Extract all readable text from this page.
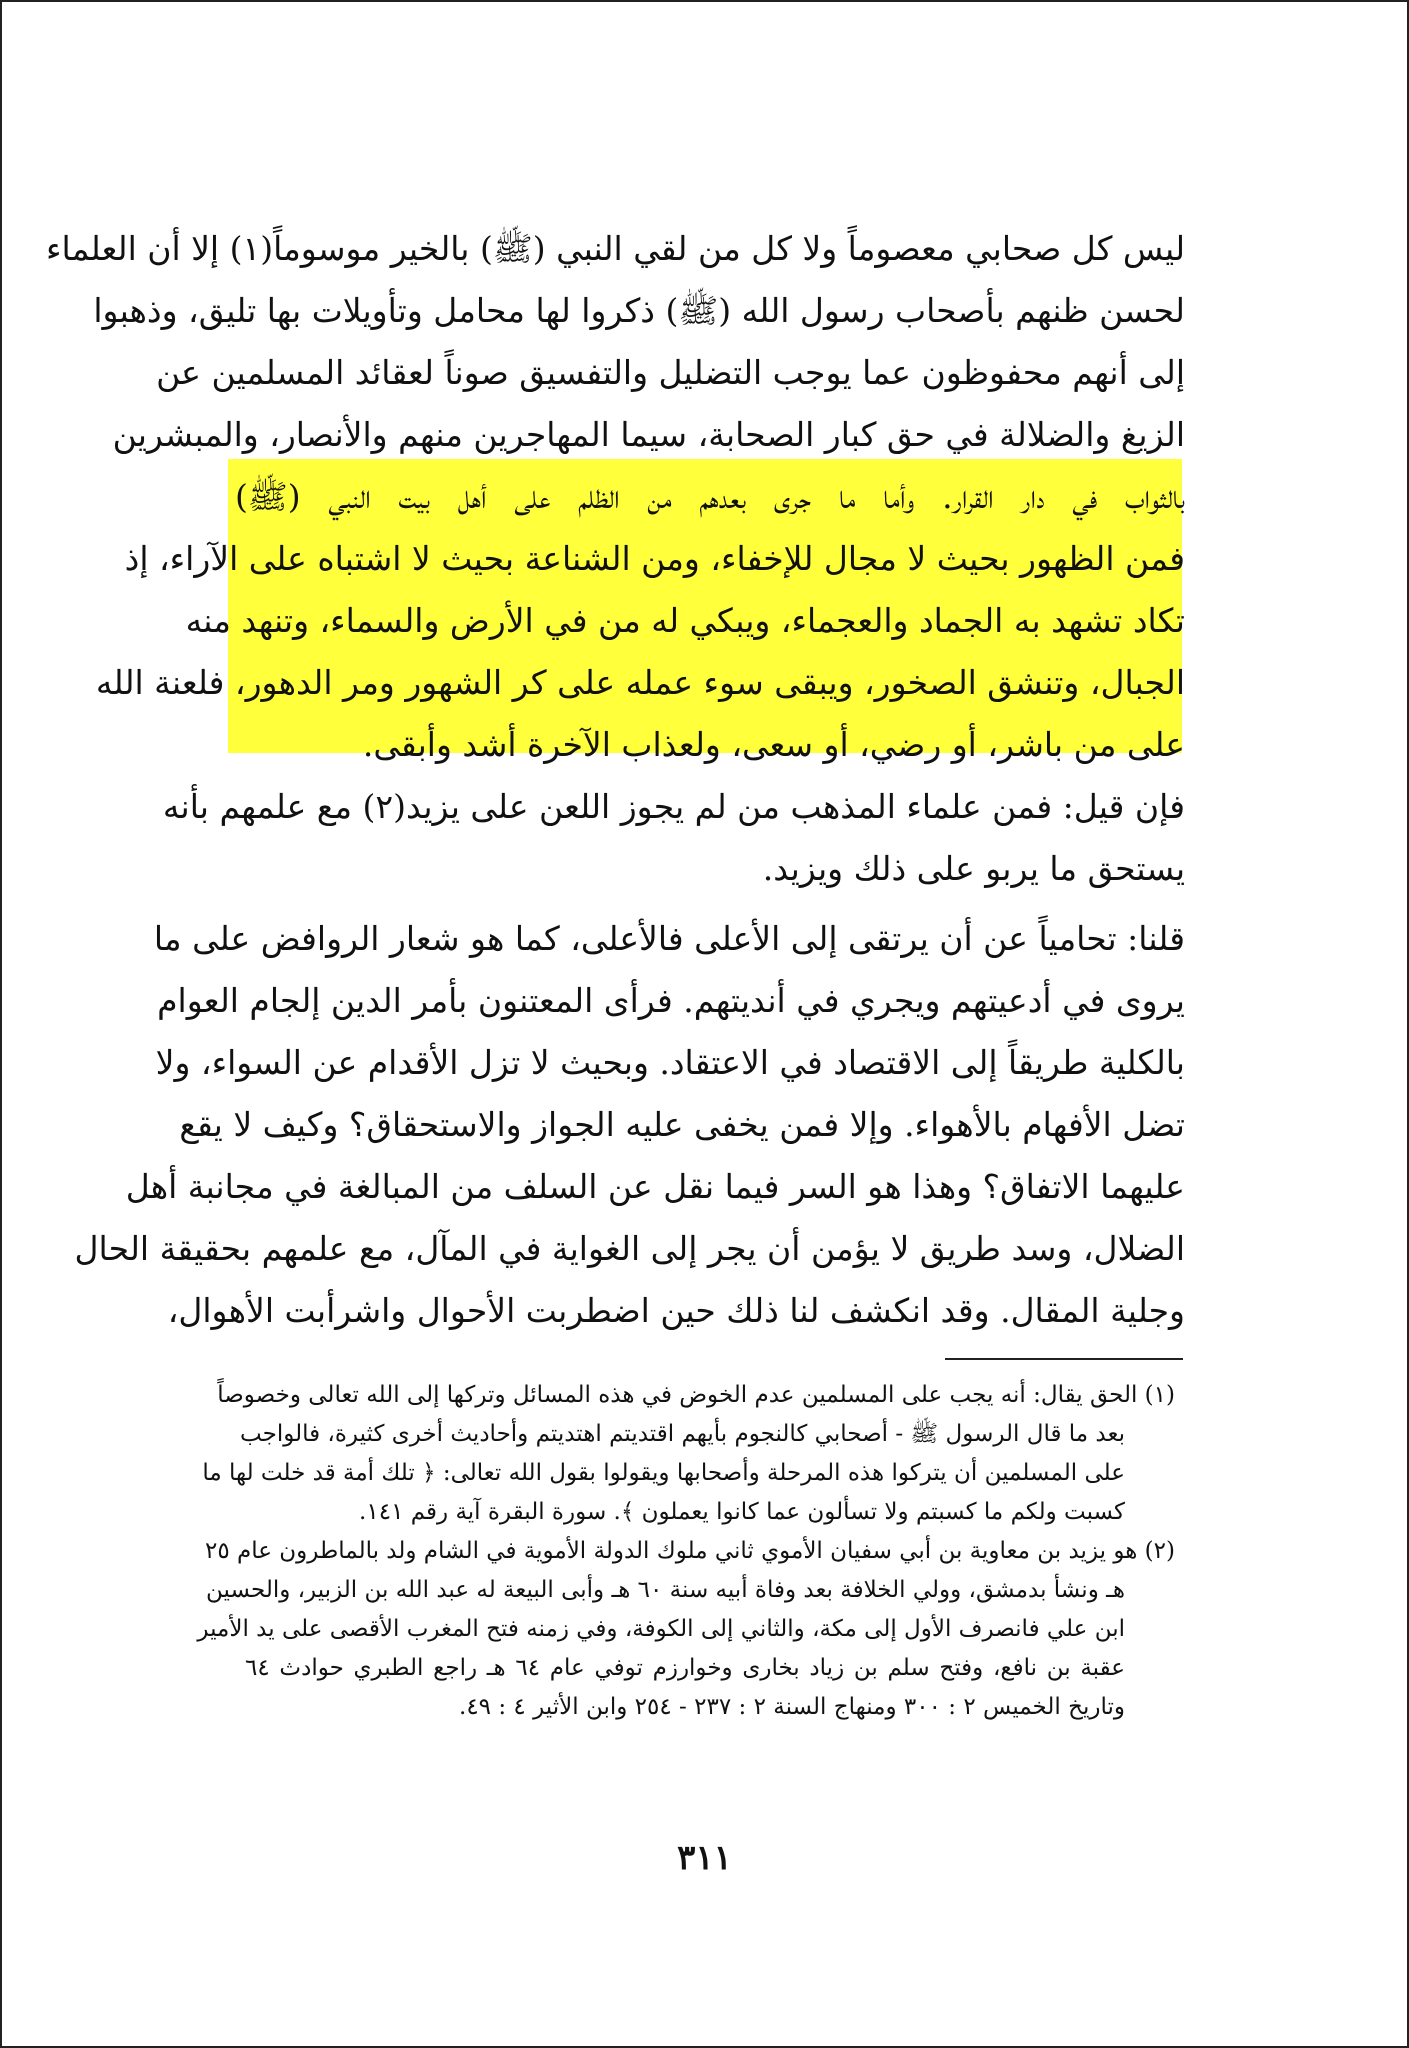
ليس كل صحابي معصوماً ولا كل من لقي النبي (ﷺ) بالخير موسوماً(١) إلا أن العلماء
لحسن ظنهم بأصحاب رسول الله (ﷺ) ذكروا لها محامل وتأويلات بها تليق، وذهبوا
إلى أنهم محفوظون عما يوجب التضليل والتفسيق صوناً لعقائد المسلمين عن
الزيغ والضلالة في حق كبار الصحابة، سيما المهاجرين منهم والأنصار، والمبشرين
بالثواب في دار القرار. وأما ما جرى بعدهم من الظلم على أهل بيت النبي (ﷺ)
فمن الظهور بحيث لا مجال للإخفاء، ومن الشناعة بحيث لا اشتباه على الآراء، إذ
تكاد تشهد به الجماد والعجماء، ويبكي له من في الأرض والسماء، وتنهد منه
الجبال، وتنشق الصخور، ويبقى سوء عمله على كر الشهور ومر الدهور، فلعنة الله
على من باشر، أو رضي، أو سعى، ولعذاب الآخرة أشد وأبقى.
فإن قيل: فمن علماء المذهب من لم يجوز اللعن على يزيد(٢) مع علمهم بأنه
يستحق ما يربو على ذلك ويزيد.
قلنا: تحامياً عن أن يرتقى إلى الأعلى فالأعلى، كما هو شعار الروافض على ما
يروى في أدعيتهم ويجري في أنديتهم. فرأى المعتنون بأمر الدين إلجام العوام
بالكلية طريقاً إلى الاقتصاد في الاعتقاد. وبحيث لا تزل الأقدام عن السواء، ولا
تضل الأفهام بالأهواء. وإلا فمن يخفى عليه الجواز والاستحقاق؟ وكيف لا يقع
عليهما الاتفاق؟ وهذا هو السر فيما نقل عن السلف من المبالغة في مجانبة أهل
الضلال، وسد طريق لا يؤمن أن يجر إلى الغواية في المآل، مع علمهم بحقيقة الحال
وجلية المقال. وقد انكشف لنا ذلك حين اضطربت الأحوال واشرأبت الأهوال،
(١) الحق يقال: أنه يجب على المسلمين عدم الخوض في هذه المسائل وتركها إلى الله تعالى وخصوصاً
بعد ما قال الرسول ﷺ - أصحابي كالنجوم بأيهم اقتديتم اهتديتم وأحاديث أخرى كثيرة، فالواجب
على المسلمين أن يتركوا هذه المرحلة وأصحابها ويقولوا بقول الله تعالى: ﴿ تلك أمة قد خلت لها ما
كسبت ولكم ما كسبتم ولا تسألون عما كانوا يعملون ﴾. سورة البقرة آية رقم ١٤١.
(٢) هو يزيد بن معاوية بن أبي سفيان الأموي ثاني ملوك الدولة الأموية في الشام ولد بالماطرون عام ٢٥
هـ ونشأ بدمشق، وولي الخلافة بعد وفاة أبيه سنة ٦٠ هـ وأبى البيعة له عبد الله بن الزبير، والحسين
ابن علي فانصرف الأول إلى مكة، والثاني إلى الكوفة، وفي زمنه فتح المغرب الأقصى على يد الأمير
عقبة بن نافع، وفتح سلم بن زياد بخارى وخوارزم توفي عام ٦٤ هـ راجع الطبري حوادث ٦٤
وتاريخ الخميس ٢ : ٣٠٠ ومنهاج السنة ٢ : ٢٣٧ - ٢٥٤ وابن الأثير ٤ : ٤٩.
٣١١
